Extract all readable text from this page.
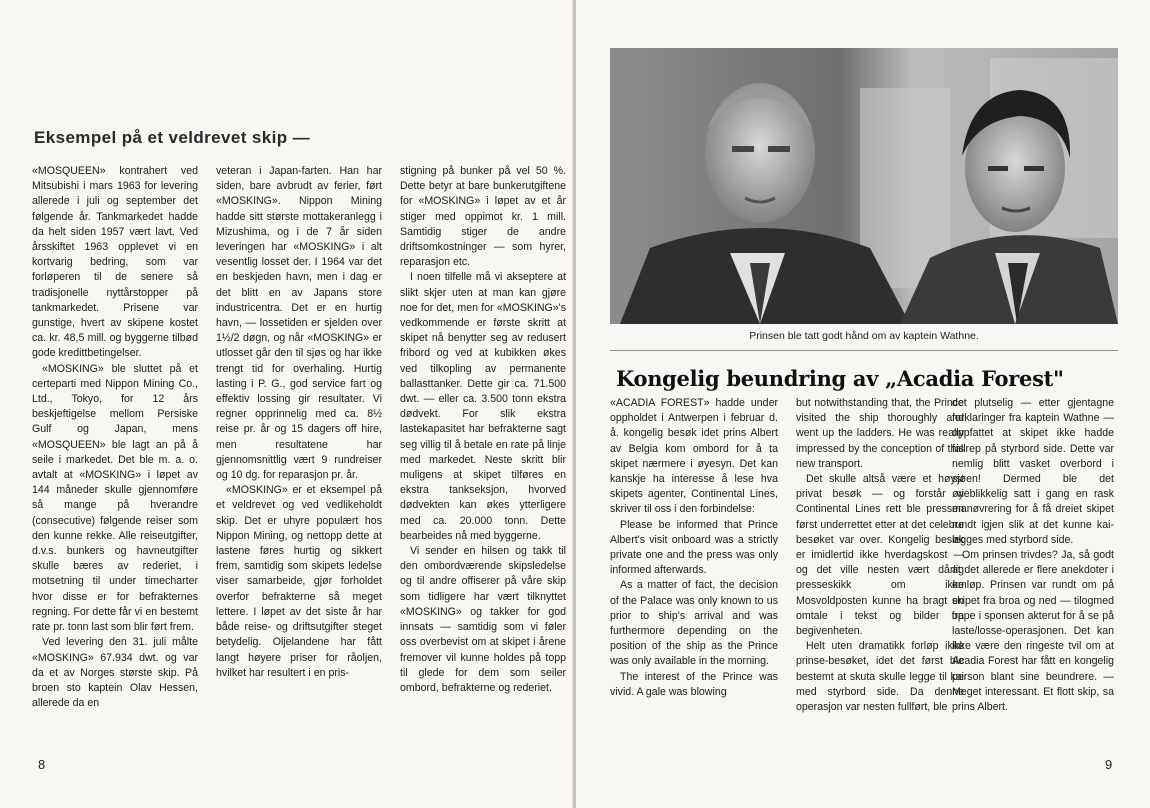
Eksempel på et veldrevet skip —

«MOSQUEEN» kontrahert ved Mitsubishi i mars 1963 for levering allerede i juli og september det følgende år. Tankmarkedet hadde da helt siden 1957 vært lavt. Ved årsskiftet 1963 opplevet vi en kortvarig bedring, som var forløperen til de senere så tradisjonelle nyttårstopper på tankmarkedet. Prisene var gunstige, hvert av skipene kostet ca. kr. 48,5 mill. og byggerne tilbød gode kredittbetingelser.

«MOSKING» ble sluttet på et certeparti med Nippon Mining Co., Ltd., Tokyo, for 12 års beskjeftigelse mellom Persiske Gulf og Japan, mens «MOSQUEEN» ble lagt an på å seile i markedet. Det ble m. a. o. avtalt at «MOSKING» i løpet av 144 måneder skulle gjennomføre så mange på hverandre (consecutive) følgende reiser som den kunne rekke. Alle reiseutgifter, d.v.s. bunkers og havneutgifter skulle bæres av rederiet, i motsetning til under timecharter hvor disse er for befrakternes regning. For dette får vi en bestemt rate pr. tonn last som blir ført frem.

Ved levering den 31. juli målte «MOSKING» 67.934 dwt. og var da et av Norges største skip. På broen sto kaptein Olav Hessen, allerede da en

veteran i Japan-farten. Han har siden, bare avbrudt av ferier, ført «MOSKING». Nippon Mining hadde sitt største mottakeranlegg i Mizushima, og i de 7 år siden leveringen har «MOSKING» i alt vesentlig losset der. I 1964 var det en beskjeden havn, men i dag er det blitt en av Japans store industricentra. Det er en hurtig havn, — lossetiden er sjelden over 1½/2 døgn, og når «MOSKING» er utlosset går den til sjøs og har ikke trengt tid for overhaling. Hurtig lasting i P. G., god service fart og effektiv lossing gir resultater. Vi regner opprinnelig med ca. 8½ reise pr. år og 15 dagers off hire, men resultatene har gjennomsnittlig vært 9 rundreiser og 10 dg. for reparasjon pr. år.

«MOSKING» er et eksempel på et veldrevet og ved vedlikeholdt skip. Det er uhyre populært hos Nippon Mining, og nettopp dette at lastene føres hurtig og sikkert frem, samtidig som skipets ledelse viser samarbeide, gjør forholdet overfor befrakterne så meget lettere. I løpet av det siste år har både reise- og driftsutgifter steget betydelig. Oljelandene har fått langt høyere priser for råoljen, hvilket har resultert i en pris-

stigning på bunker på vel 50 %. Dette betyr at bare bunkerutgiftene for «MOSKING» i løpet av et år stiger med oppimot kr. 1 mill. Samtidig stiger de andre driftsomkostninger — som hyrer, reparasjon etc.

I noen tilfelle må vi akseptere at slikt skjer uten at man kan gjøre noe for det, men for «MOSKING»'s vedkommende er første skritt at skipet nå benytter seg av redusert fribord og ved at kubikken økes ved tilkopling av permanente ballasttanker. Dette gir ca. 71.500 dwt. — eller ca. 3.500 tonn ekstra dødvekt. For slik ekstra lastekapasitet har befrakterne sagt seg villig til å betale en rate på linje med markedet. Neste skritt blir muligens at skipet tilføres en ekstra tankseksjon, hvorved dødvekten kan økes ytterligere med ca. 20.000 tonn. Dette bearbeides nå med byggerne.

Vi sender en hilsen og takk til den ombordværende skipsledelse og til andre offiserer på våre skip som tidligere har vært tilknyttet «MOSKING» og takker for god innsats — samtidig som vi føler oss overbevist om at skipet i årene fremover vil kunne holdes på topp til glede for dem som seiler ombord, befrakterne og rederiet.

8
Prinsen ble tatt godt hånd om av kaptein Wathne.
Kongelig beundring av „Acadia Forest"

«ACADIA FOREST» hadde under oppholdet i Antwerpen i februar d. å. kongelig besøk idet prins Albert av Belgia kom ombord for å ta skipet nærmere i øyesyn. Det kan kanskje ha interesse å lese hva skipets agenter, Continental Lines, skriver til oss i den forbindelse:

Please be informed that Prince Albert's visit onboard was a strictly private one and the press was only informed afterwards.

As a matter of fact, the decision of the Palace was only known to us prior to ship's arrival and was furthermore depending on the position of the ship as the Prince was only available in the morning.

The interest of the Prince was vivid. A gale was blowing

but notwithstanding that, the Prince visited the ship thoroughly and went up the ladders. He was really impressed by the conception of this new transport.

Det skulle altså være et høyst privat besøk — og forstår vi Continental Lines rett ble pressen først underrettet etter at det celebre besøket var over. Kongelig besøk er imidlertid ikke hverdagskost — og det ville nesten vært dårlig presseskikk om ikke Mosvoldposten kunne ha bragt en omtale i tekst og bilder fra begivenheten.

Helt uten dramatikk forløp ikke prinse-besøket, idet det først ble bestemt at skuta skulle legge til kai med styrbord side. Da denne operasjon var nesten fullført, ble

det plutselig — etter gjentagne forklaringer fra kaptein Wathne — oppfattet at skipet ikke hadde fallrep på styrbord side. Dette var nemlig blitt vasket overbord i sjøen! Dermed ble det øyeblikkelig satt i gang en rask manøvrering for å få dreiet skipet rundt igjen slik at det kunne kai-legges med styrbord side.

Om prinsen trivdes? Ja, så godt at det allerede er flere anekdoter i omløp. Prinsen var rundt om på skipet fra broa og ned — tilogmed oppe i sponsen akterut for å se på laste/losse-operasjonen. Det kan ikke være den ringeste tvil om at Acadia Forest har fått en kongelig person blant sine beundrere. — Meget interessant. Et flott skip, sa prins Albert.

9
